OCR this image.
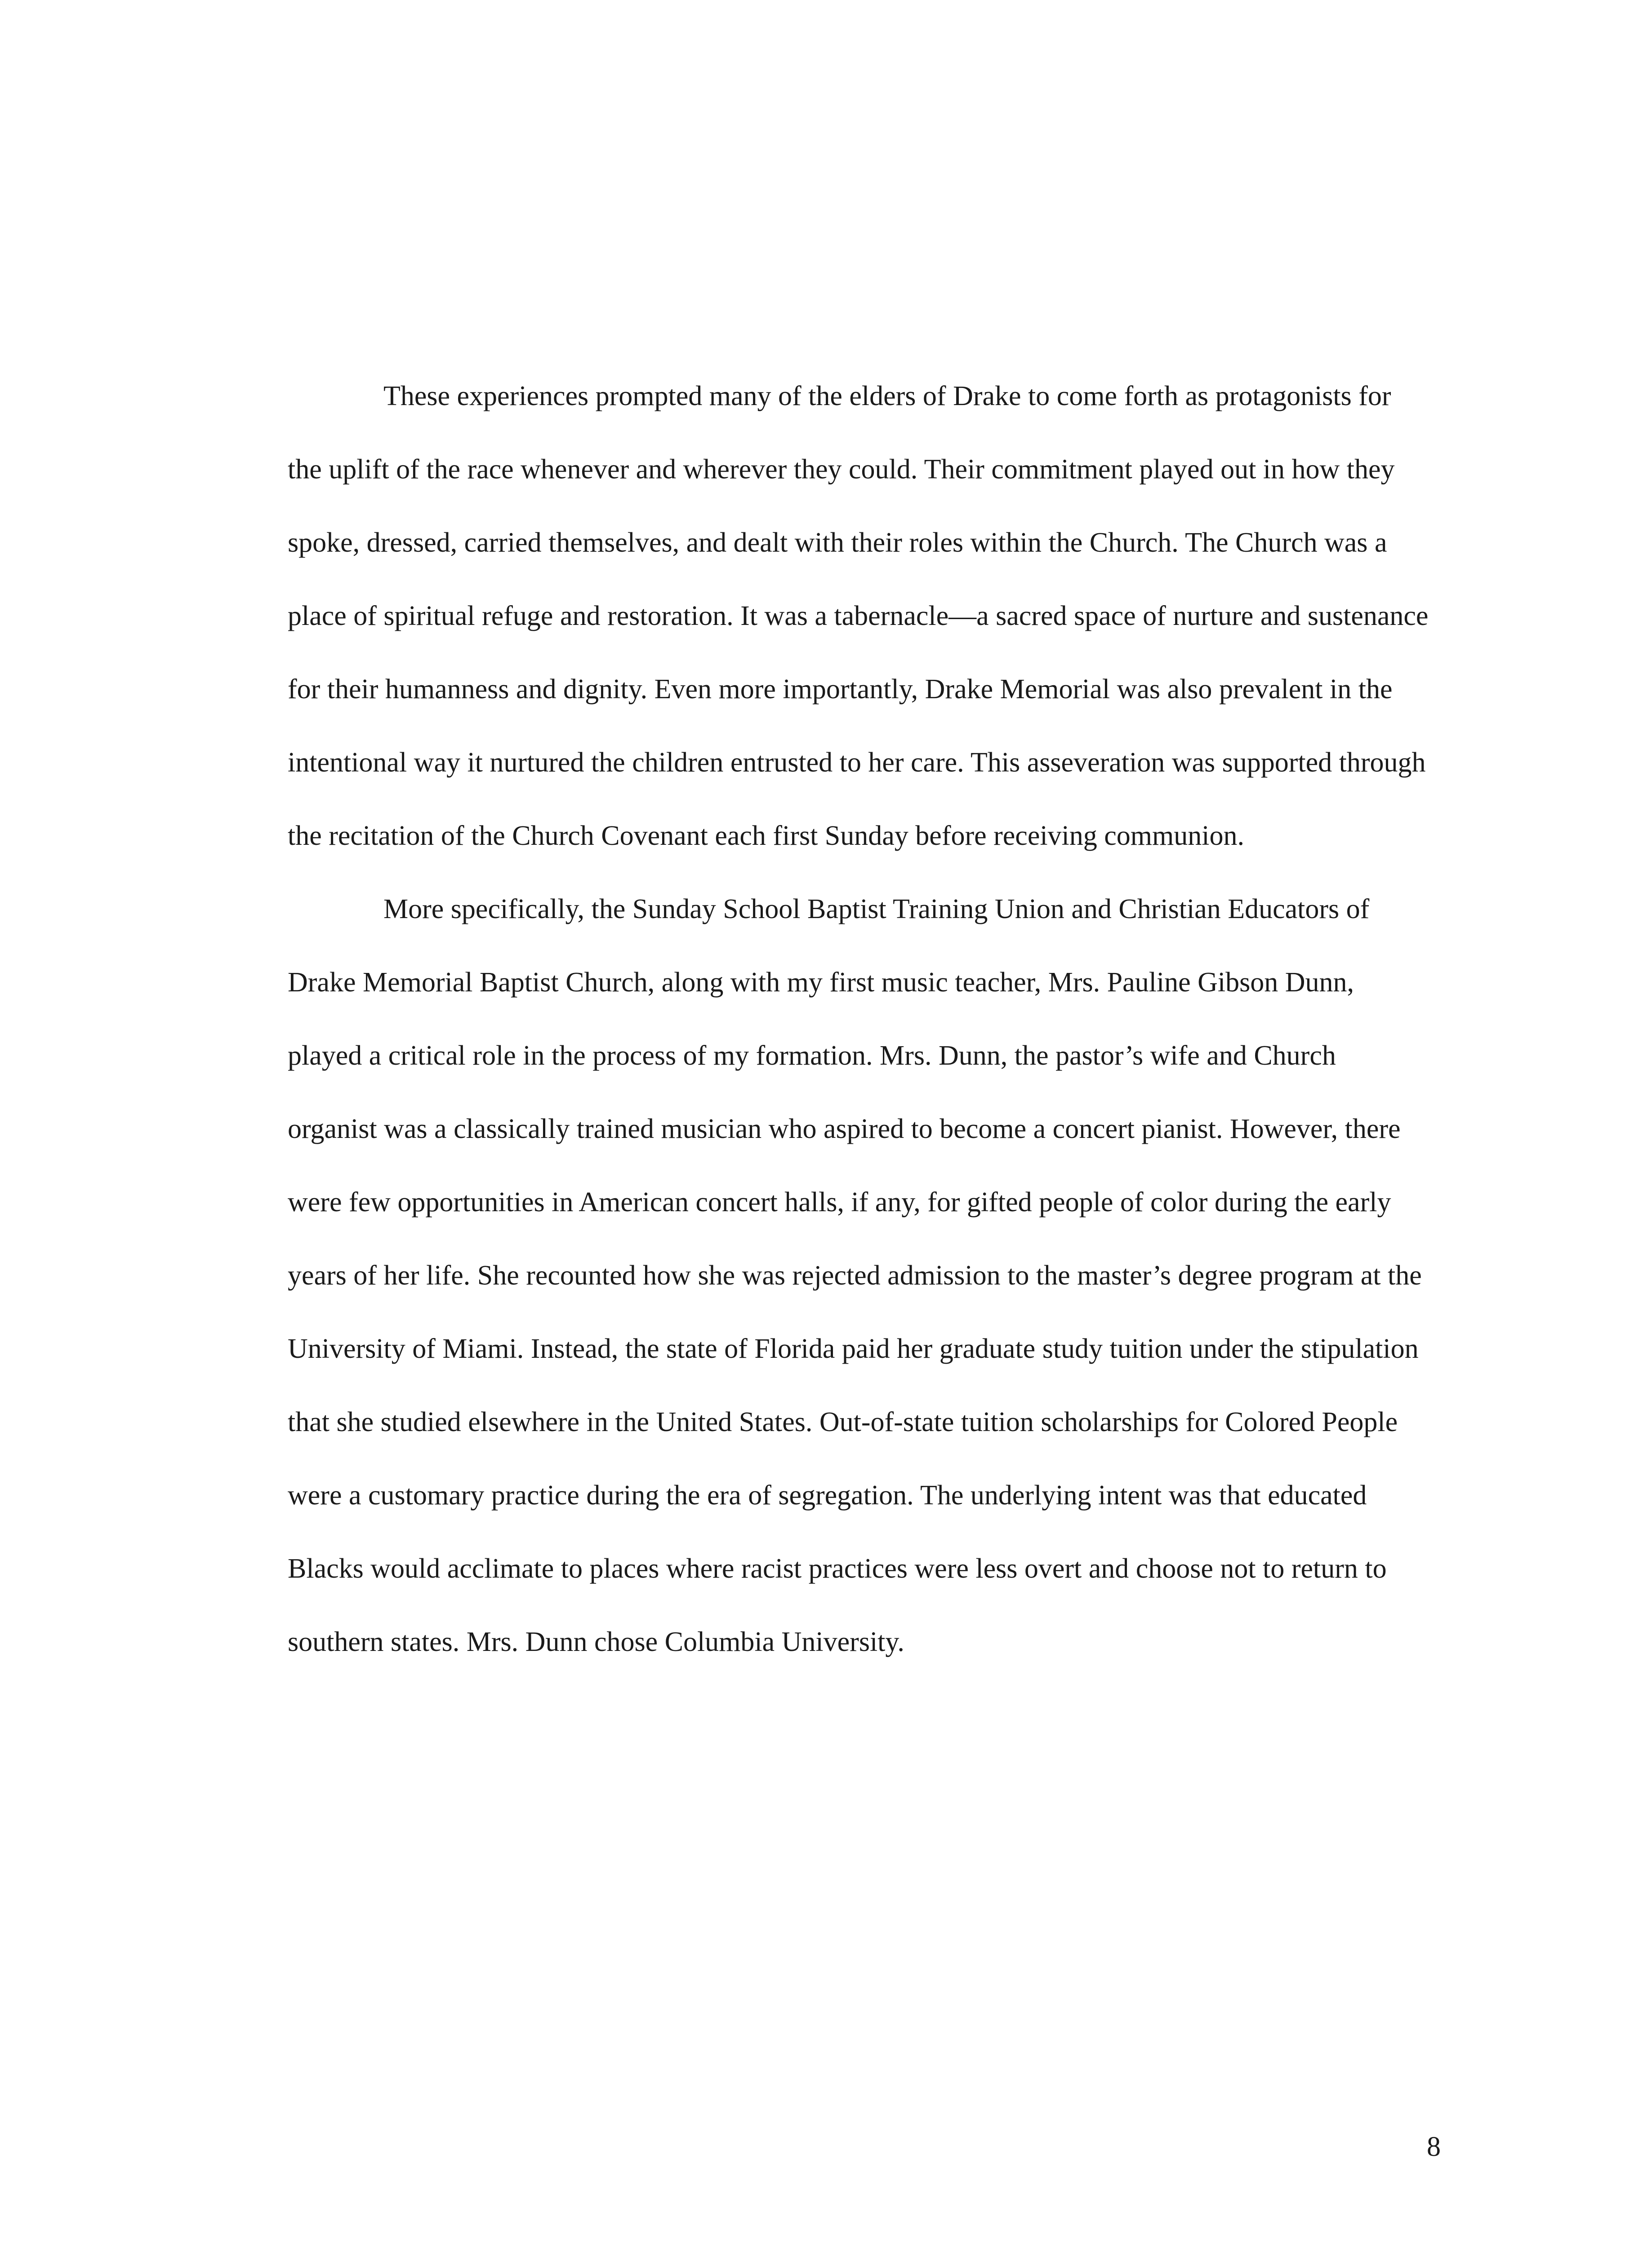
These experiences prompted many of the elders of Drake to come forth as protagonists for the uplift of the race whenever and wherever they could. Their commitment played out in how they spoke, dressed, carried themselves, and dealt with their roles within the Church. The Church was a place of spiritual refuge and restoration. It was a tabernacle—a sacred space of nurture and sustenance for their humanness and dignity. Even more importantly, Drake Memorial was also prevalent in the intentional way it nurtured the children entrusted to her care. This asseveration was supported through the recitation of the Church Covenant each first Sunday before receiving communion.

More specifically, the Sunday School Baptist Training Union and Christian Educators of Drake Memorial Baptist Church, along with my first music teacher, Mrs. Pauline Gibson Dunn, played a critical role in the process of my formation. Mrs. Dunn, the pastor’s wife and Church organist was a classically trained musician who aspired to become a concert pianist. However, there were few opportunities in American concert halls, if any, for gifted people of color during the early years of her life. She recounted how she was rejected admission to the master’s degree program at the University of Miami. Instead, the state of Florida paid her graduate study tuition under the stipulation that she studied elsewhere in the United States. Out-of-state tuition scholarships for Colored People were a customary practice during the era of segregation. The underlying intent was that educated Blacks would acclimate to places where racist practices were less overt and choose not to return to southern states. Mrs. Dunn chose Columbia University.

8
